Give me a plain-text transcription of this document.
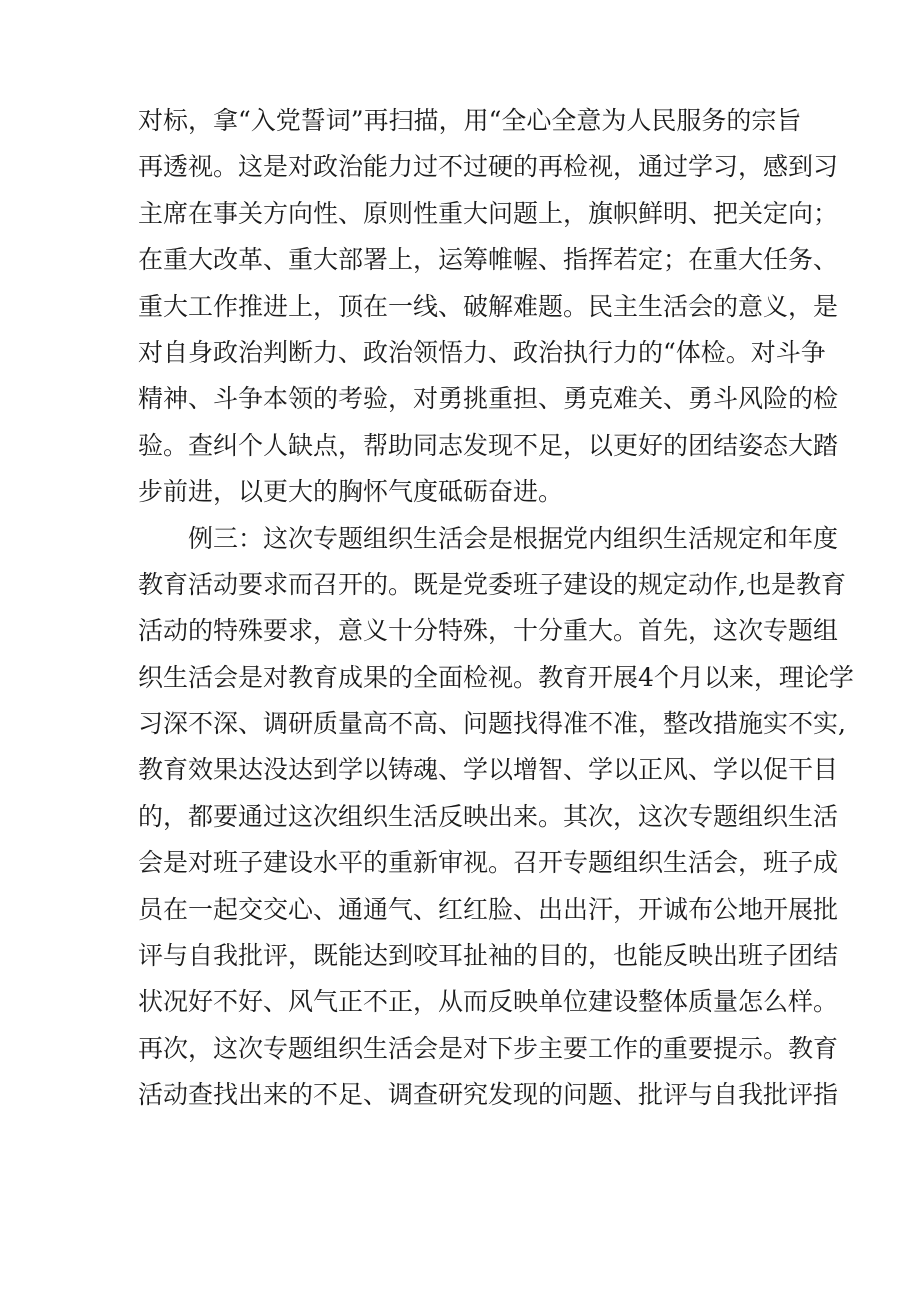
对标，拿“入党誓词”再扫描，用“全心全意为人民服务的宗旨
再透视。这是对政治能力过不过硬的再检视，通过学习，感到习
主席在事关方向性、原则性重大问题上，旗帜鲜明、把关定向；
在重大改革、重大部署上，运筹帷幄、指挥若定；在重大任务、
重大工作推进上，顶在一线、破解难题。民主生活会的意义，是
对自身政治判断力、政治领悟力、政治执行力的“体检。对斗争
精神、斗争本领的考验，对勇挑重担、勇克难关、勇斗风险的检
验。查纠个人缺点，帮助同志发现不足，以更好的团结姿态大踏
步前进，以更大的胸怀气度砥砺奋进。
例三：这次专题组织生活会是根据党内组织生活规定和年度
教育活动要求而召开的。既是党委班子建设的规定动作,也是教育
活动的特殊要求，意义十分特殊，十分重大。首先，这次专题组
织生活会是对教育成果的全面检视。教育开展4个月以来，理论学
习深不深、调研质量高不高、问题找得准不准，整改措施实不实,
教育效果达没达到学以铸魂、学以增智、学以正风、学以促干目
的，都要通过这次组织生活反映出来。其次，这次专题组织生活
会是对班子建设水平的重新审视。召开专题组织生活会，班子成
员在一起交交心、通通气、红红脸、出出汗，开诚布公地开展批
评与自我批评，既能达到咬耳扯袖的目的，也能反映出班子团结
状况好不好、风气正不正，从而反映单位建设整体质量怎么样。
再次，这次专题组织生活会是对下步主要工作的重要提示。教育
活动查找出来的不足、调查研究发现的问题、批评与自我批评指
